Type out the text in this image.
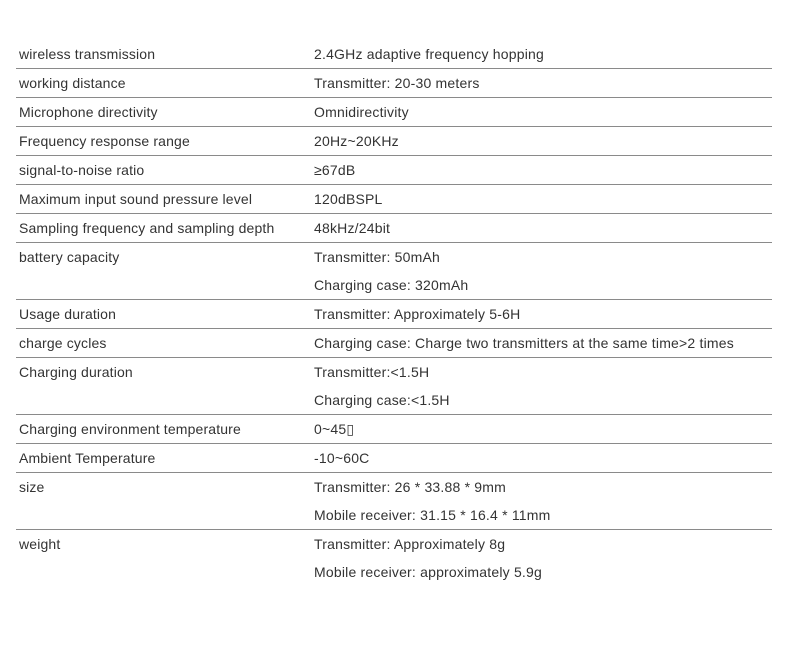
wireless transmission	2.4GHz adaptive frequency hopping
working distance	Transmitter: 20-30 meters
Microphone directivity	Omnidirectivity
Frequency response range	20Hz~20KHz
signal-to-noise ratio	≥67dB
Maximum input sound pressure level	120dBSPL
Sampling frequency and sampling depth	48kHz/24bit
battery capacity	Transmitter: 50mAh
Charging case: 320mAh
Usage duration	Transmitter: Approximately 5-6H
charge cycles	Charging case: Charge two transmitters at the same time>2 times
Charging duration	Transmitter:<1.5H
Charging case:<1.5H
Charging environment temperature	0~45▯
Ambient Temperature	-10~60C
size	Transmitter: 26 * 33.88 * 9mm
Mobile receiver: 31.15 * 16.4 * 11mm
weight	Transmitter: Approximately 8g
Mobile receiver: approximately 5.9g
